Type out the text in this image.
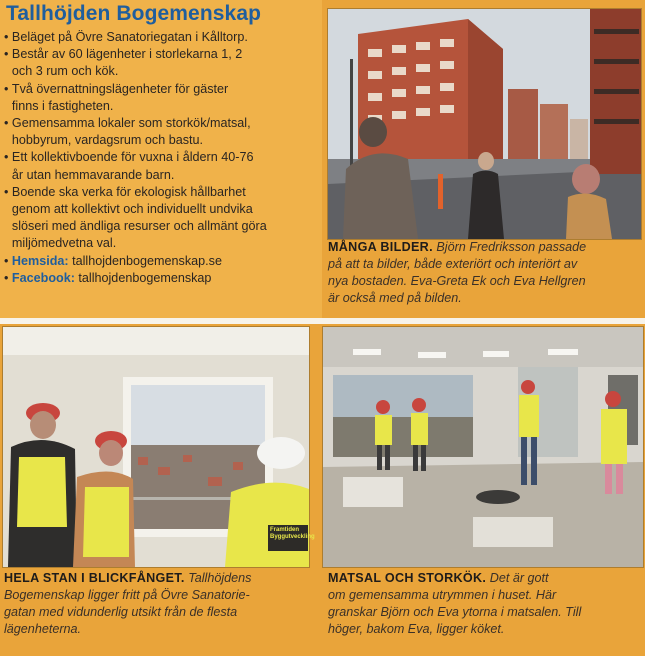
Tallhöjden Bogemenskap
• Beläget på Övre Sanatoriegatan i Kålltorp.
• Består av 60 lägenheter i storlekarna 1, 2
och 3 rum och kök.
• Två övernattningslägenheter för gäster
finns i fastigheten.
• Gemensamma lokaler som storkök/matsal,
hobbyrum, vardagsrum och bastu.
• Ett kollektivboende för vuxna i åldern 40-76
år utan hemmavarande barn.
• Boende ska verka för ekologisk hållbarhet
genom att kollektivt och individuellt undvika
slöseri med ändliga resurser och allmänt göra
miljömedvetna val.
• Hemsida: tallhojdenbogemenskap.se
• Facebook: tallhojdenbogemenskap
MÅNGA BILDER. Björn Fredriksson passade
på att ta bilder, både exteriört och interiört av
nya bostaden. Eva-Greta Ek och Eva Hellgren
är också med på bilden.
Framtiden Byggutveckling
HELA STAN I BLICKFÅNGET. Tallhöjdens
Bogemenskap ligger fritt på Övre Sanatorie-
gatan med vidunderlig utsikt från de flesta
lägenheterna.
MATSAL OCH STORKÖK. Det är gott
om gemensamma utrymmen i huset. Här
granskar Björn och Eva ytorna i matsalen. Till
höger, bakom Eva, ligger köket.
